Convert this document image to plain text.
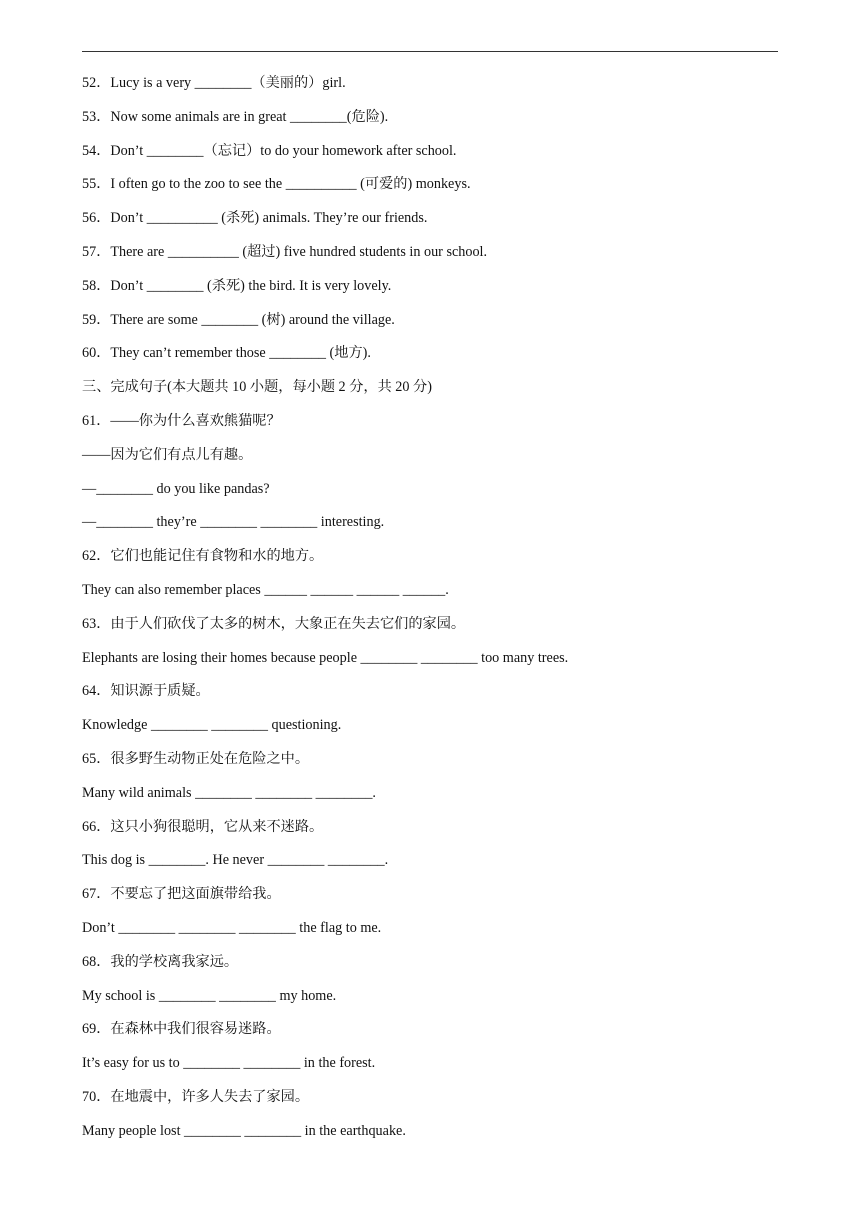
52．Lucy is a very ________（美丽的）girl.
53．Now some animals are in great ________(危险).
54．Don’t ________（忘记）to do your homework after school.
55．I often go to the zoo to see the __________ (可爱的) monkeys.
56．Don’t __________ (杀死) animals. They’re our friends.
57．There are __________ (超过) five hundred students in our school.
58．Don’t ________ (杀死) the bird. It is very lovely.
59．There are some ________ (树) around the village.
60．They can’t remember those ________ (地方).
三、完成句子(本大题共 10 小题，每小题 2 分，共 20 分)
61．——你为什么喜欢熊猫呢？
——因为它们有点儿有趣。
—________ do you like pandas?
—________ they’re ________ ________ interesting.
62．它们也能记住有食物和水的地方。
They can also remember places ______ ______ ______ ______.
63．由于人们砍伐了太多的树木，大象正在失去它们的家园。
Elephants are losing their homes because people ________ ________ too many trees.
64．知识源于质疑。
Knowledge ________ ________ questioning.
65．很多野生动物正处在危险之中。
Many wild animals ________ ________ ________.
66．这只小狗很聪明，它从来不迷路。
This dog is ________. He never ________ ________.
67．不要忘了把这面旗带给我。
Don’t ________ ________ ________ the flag to me.
68．我的学校离我家远。
My school is ________ ________ my home.
69．在森林中我们很容易迷路。
It’s easy for us to ________ ________ in the forest.
70．在地震中，许多人失去了家园。
Many people lost ________ ________ in the earthquake.
